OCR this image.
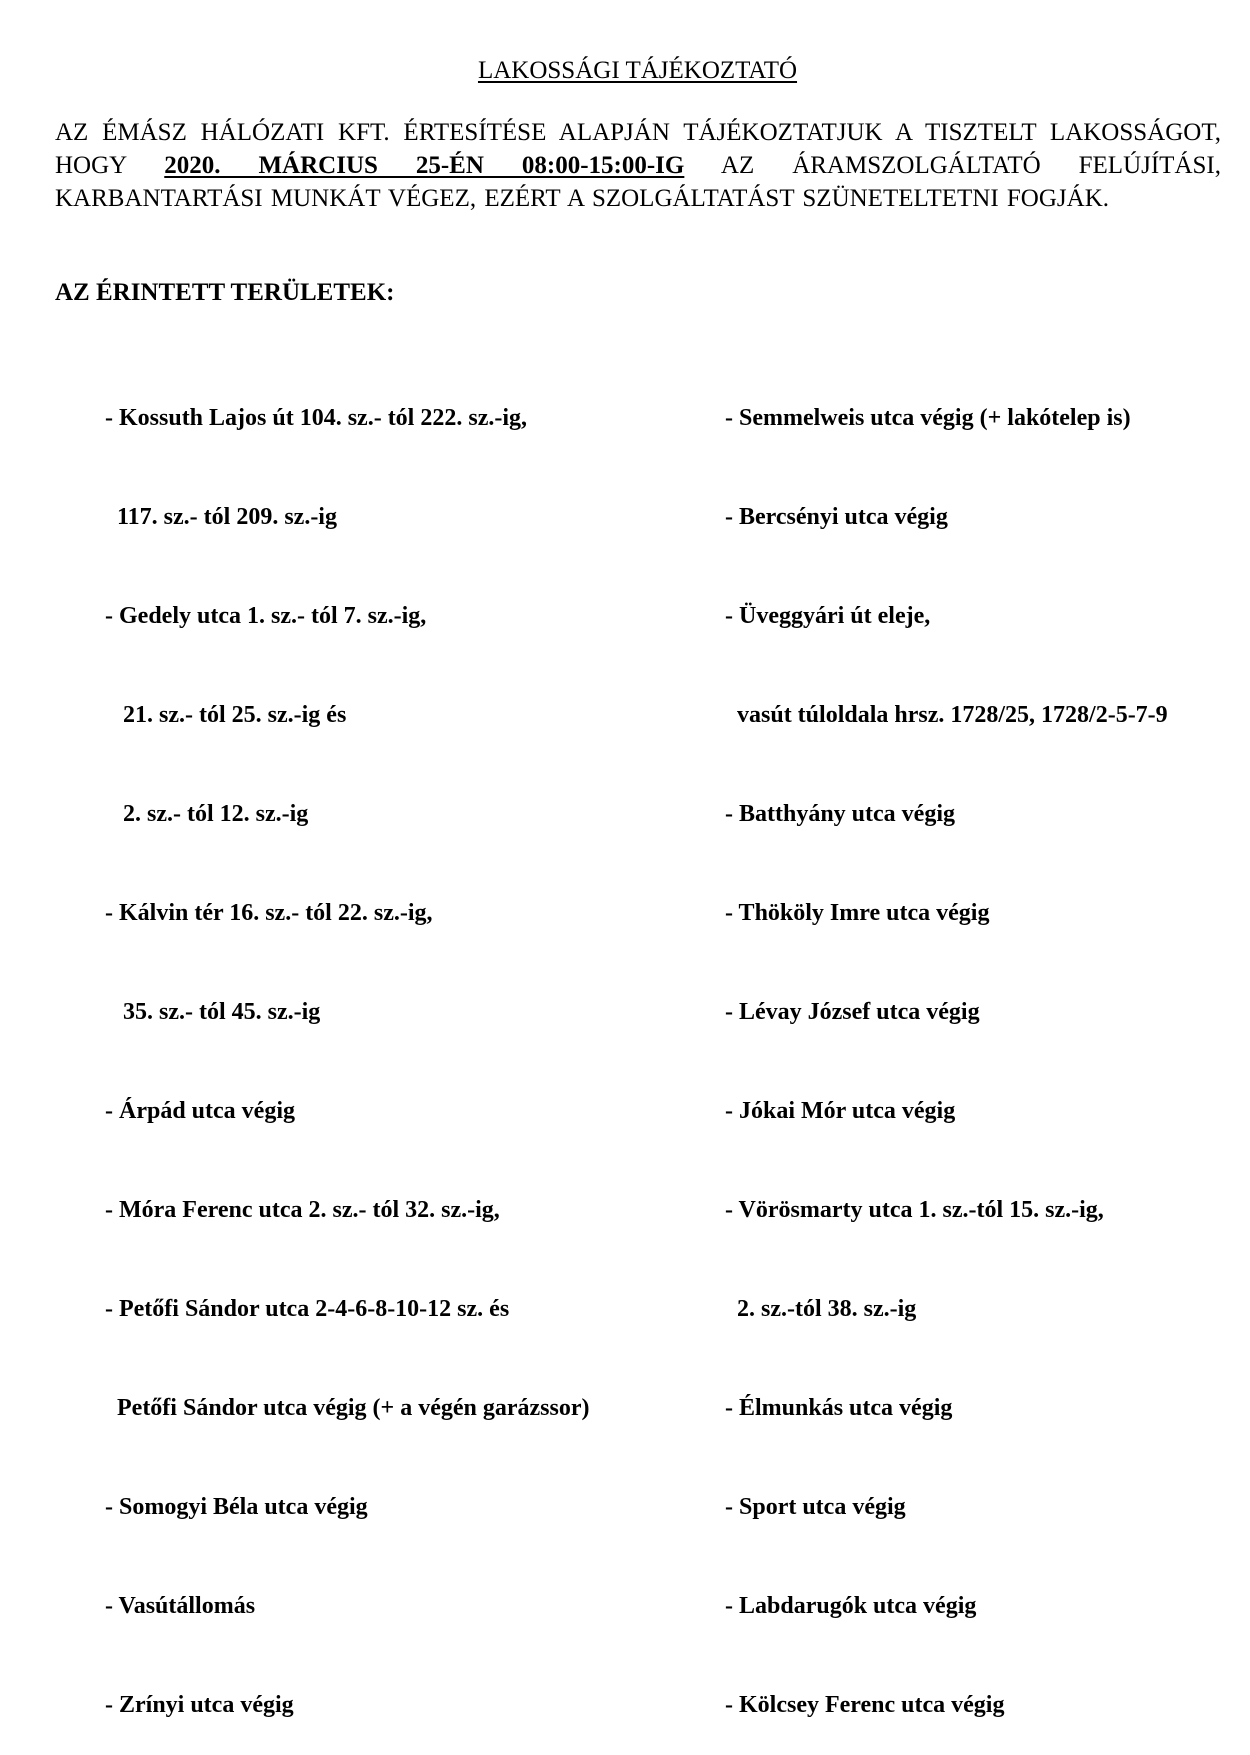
LAKOSSÁGI TÁJÉKOZTATÓ
AZ ÉMÁSZ HÁLÓZATI KFT. ÉRTESÍTÉSE ALAPJÁN TÁJÉKOZTATJUK A TISZTELT LAKOSSÁGOT, HOGY 2020. MÁRCIUS 25-ÉN 08:00-15:00-IG AZ ÁRAMSZOLGÁLTATÓ FELÚJÍTÁSI, KARBANTARTÁSI MUNKÁT VÉGEZ, EZÉRT A SZOLGÁLTATÁST SZÜNETELTETNI FOGJÁK.
AZ ÉRINTETT TERÜLETEK:

- Kossuth Lajos út 104. sz.- tól 222. sz.-ig,

117. sz.- tól 209. sz.-ig

- Gedely utca 1. sz.- tól 7. sz.-ig,

21. sz.- tól 25. sz.-ig és

2. sz.- tól 12. sz.-ig

- Kálvin tér 16. sz.- tól 22. sz.-ig,

35. sz.- tól 45. sz.-ig

- Árpád utca végig

- Móra Ferenc utca 2. sz.- tól 32. sz.-ig,

- Petőfi Sándor utca 2-4-6-8-10-12 sz. és

Petőfi Sándor utca végig (+ a végén garázssor)

- Somogyi Béla utca végig

- Vasútállomás

- Zrínyi utca végig

- Semmelweis utca végig (+ lakótelep is)

- Bercsényi utca végig

- Üveggyári út eleje,

vasút túloldala hrsz. 1728/25, 1728/2-5-7-9

- Batthyány utca végig

- Thököly Imre utca végig

- Lévay József utca végig

- Jókai Mór utca végig

- Vörösmarty utca 1. sz.-tól 15. sz.-ig,

2. sz.-tól 38. sz.-ig

- Élmunkás utca végig

- Sport utca végig

- Labdarugók utca végig

- Kölcsey Ferenc utca végig
